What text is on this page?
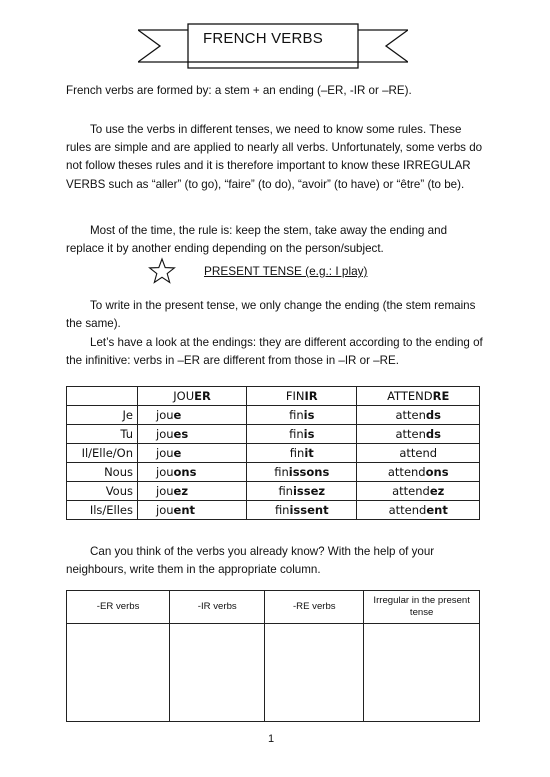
FRENCH VERBS

French verbs are formed by: a stem + an ending (–ER, -IR or –RE).

To use the verbs in different tenses, we need to know some rules. These rules are simple and are applied to nearly all verbs. Unfortunately, some verbs do not follow theses rules and it is therefore important to know these IRREGULAR VERBS such as “aller” (to go), “faire” (to do), “avoir” (to have) or “être” (to be).

Most of the time, the rule is: keep the stem, take away the ending and replace it by another ending depending on the person/subject.

PRESENT TENSE (e.g.: I play)

To write in the present tense, we only change the ending (the stem remains the same).

Let’s have a look at the endings: they are different according to the ending of the infinitive: verbs in –ER are different from those in –IR or –RE.

	JOUER	FINIR	ATTENDRE
Je	joue	finis	attends
Tu	joues	finis	attends
Il/Elle/On	joue	finit	attend
Nous	jouons	finissons	attendons
Vous	jouez	finissez	attendez
Ils/Elles	jouent	finissent	attendent

Can you think of the verbs you already know? With the help of your neighbours, write them in the appropriate column.

-ER verbs	-IR verbs	-RE verbs	Irregular in the present tense

1
